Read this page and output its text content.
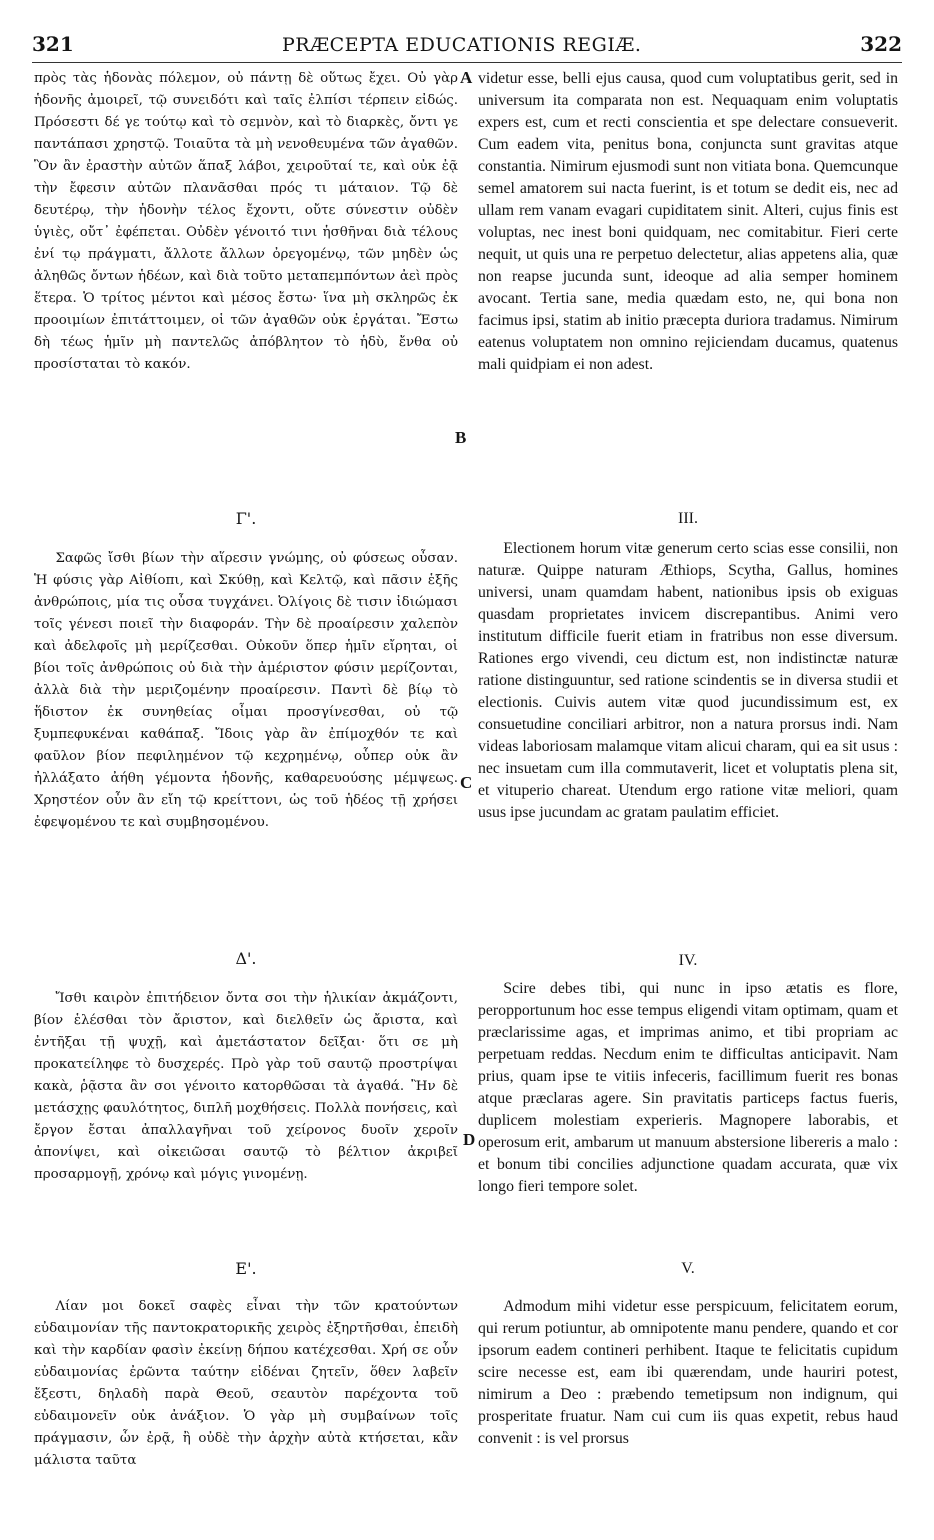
321	PRÆCEPTA EDUCATIONIS REGIÆ.	322

πρὸς τὰς ἡδονὰς πόλεμον, οὐ πάντῃ δὲ οὕτως ἔχει. Οὐ γὰρ ἡδονῆς ἀμοιρεῖ, τῷ συνειδότι καὶ ταῖς ἐλπίσι τέρπειν εἰδώς. Πρόσεστι δέ γε τούτῳ καὶ τὸ σεμνὸν, καὶ τὸ διαρκὲς, ὄντι γε παντάπασι χρηστῷ. Τοιαῦτα τὰ μὴ νενοθευμένα τῶν ἀγαθῶν. Ὃν ἂν ἐραστὴν αὐτῶν ἅπαξ λάβοι, χειροῦταί τε, καὶ οὐκ ἐᾷ τὴν ἔφεσιν αὐτῶν πλανᾶσθαι πρός τι μάταιον. Τῷ δὲ δευτέρῳ, τὴν ἡδονὴν τέλος ἔχοντι, οὔτε σύνεστιν οὐδὲν ὑγιὲς, οὔτ᾽ ἐφέπεται. Οὐδὲν γένοιτό τινι ἡσθῆναι διὰ τέλους ἐνί τῳ πράγματι, ἄλλοτε ἄλλων ὀρεγομένῳ, τῶν μηδὲν ὡς ἀληθῶς ὄντων ἡδέων, καὶ διὰ τοῦτο μεταπεμπόντων ἀεὶ πρὸς ἕτερα. Ὁ τρίτος μέντοι καὶ μέσος ἔστω· ἵνα μὴ σκληρῶς ἐκ προοιμίων ἐπιτάττοιμεν, οἱ τῶν ἀγαθῶν οὐκ ἐργάται. Ἔστω δὴ τέως ἡμῖν μὴ παντελῶς ἀπόβλητον τὸ ἡδὺ, ἔνθα οὐ προσίσταται τὸ κακόν.

Γ'.

Σαφῶς ἴσθι βίων τὴν αἵρεσιν γνώμης, οὐ φύσεως οὖσαν. Ἡ φύσις γὰρ Αἰθίοπι, καὶ Σκύθῃ, καὶ Κελτῷ, καὶ πᾶσιν ἑξῆς ἀνθρώποις, μία τις οὖσα τυγχάνει. Ὀλίγοις δὲ τισιν ἰδιώμασι τοῖς γένεσι ποιεῖ τὴν διαφοράν. Τὴν δὲ προαίρεσιν χαλεπὸν καὶ ἀδελφοῖς μὴ μερίζεσθαι. Οὐκοῦν ὅπερ ἡμῖν εἴρηται, οἱ βίοι τοῖς ἀνθρώποις οὐ διὰ τὴν ἀμέριστον φύσιν μερίζονται, ἀλλὰ διὰ τὴν μεριζομένην προαίρεσιν. Παντὶ δὲ βίῳ τὸ ἥδιστον ἐκ συνηθείας οἶμαι προσγίνεσθαι, οὐ τῷ ξυμπεφυκέναι καθάπαξ. Ἴδοις γὰρ ἂν ἐπίμοχθόν τε καὶ φαῦλον βίον πεφιλημένον τῷ κεχρημένῳ, οὗπερ οὐκ ἂν ἠλλάξατο ἀήθη γέμοντα ἡδονῆς, καθαρευούσης μέμψεως. Χρηστέον οὖν ἂν εἴη τῷ κρείττονι, ὡς τοῦ ἡδέος τῇ χρήσει ἐφεψομένου τε καὶ συμβησομένου.

Δ'.

Ἴσθι καιρὸν ἐπιτήδειον ὄντα σοι τὴν ἡλικίαν ἀκμάζοντι, βίον ἑλέσθαι τὸν ἄριστον, καὶ διελθεῖν ὡς ἄριστα, καὶ ἐντῆξαι τῇ ψυχῇ, καὶ ἀμετάστατον δεῖξαι· ὅτι σε μὴ προκατείληφε τὸ δυσχερές. Πρὸ γὰρ τοῦ σαυτῷ προστρίψαι κακὰ, ῥᾷστα ἂν σοι γένοιτο κατορθῶσαι τὰ ἀγαθά. Ἢν δὲ μετάσχῃς φαυλότητος, διπλῆ μοχθήσεις. Πολλὰ πονήσεις, καὶ ἔργον ἔσται ἀπαλλαγῆναι τοῦ χείρονος δυοῖν χεροῖν ἀπονίψει, καὶ οἰκειῶσαι σαυτῷ τὸ βέλτιον ἀκριβεῖ προσαρμογῇ, χρόνῳ καὶ μόγις γινομένῃ.

Ε'.

Λίαν μοι δοκεῖ σαφὲς εἶναι τὴν τῶν κρατούντων εὐδαιμονίαν τῆς παντοκρατορικῆς χειρὸς ἐξηρτῆσθαι, ἐπειδὴ καὶ τὴν καρδίαν φασὶν ἐκείνῃ δήπου κατέχεσθαι. Χρή σε οὖν εὐδαιμονίας ἐρῶντα ταύτην εἰδέναι ζητεῖν, ὅθεν λαβεῖν ἔξεστι, δηλαδὴ παρὰ Θεοῦ, σεαυτὸν παρέχοντα τοῦ εὐδαιμονεῖν οὐκ ἀνάξιον. Ὁ γὰρ μὴ συμβαίνων τοῖς πράγμασιν, ὧν ἐρᾷ, ἢ οὐδὲ τὴν ἀρχὴν αὐτὰ κτήσεται, κἂν μάλιστα ταῦτα

A
B
C
D

videtur esse, belli ejus causa, quod cum voluptatibus gerit, sed in universum ita comparata non est. Nequaquam enim voluptatis expers est, cum et recti conscientia et spe delectare consueverit. Cum eadem vita, penitus bona, conjuncta sunt gravitas atque constantia. Nimirum ejusmodi sunt non vitiata bona. Quemcunque semel amatorem sui nacta fuerint, is et totum se dedit eis, nec ad ullam rem vanam evagari cupiditatem sinit. Alteri, cujus finis est voluptas, nec inest boni quidquam, nec comitabitur. Fieri certe nequit, ut quis una re perpetuo delectetur, alias appetens alia, quæ non reapse jucunda sunt, ideoque ad alia semper hominem avocant. Tertia sane, media quædam esto, ne, qui bona non facimus ipsi, statim ab initio præcepta duriora tradamus. Nimirum eatenus voluptatem non omnino rejiciendam ducamus, quatenus mali quidpiam ei non adest.

III.

Electionem horum vitæ generum certo scias esse consilii, non naturæ. Quippe naturam Æthiops, Scytha, Gallus, homines universi, unam quamdam habent, nationibus ipsis ob exiguas quasdam proprietates invicem discrepantibus. Animi vero institutum difficile fuerit etiam in fratribus non esse diversum. Rationes ergo vivendi, ceu dictum est, non indistinctæ naturæ ratione distinguuntur, sed ratione scindentis se in diversa studii et electionis. Cuivis autem vitæ quod jucundissimum est, ex consuetudine conciliari arbitror, non a natura prorsus indi. Nam videas laboriosam malamque vitam alicui charam, qui ea sit usus : nec insuetam cum illa commutaverit, licet et voluptatis plena sit, et vituperio chareat. Utendum ergo ratione vitæ meliori, quam usus ipse jucundam ac gratam paulatim efficiet.

IV.

Scire debes tibi, qui nunc in ipso ætatis es flore, peropportunum hoc esse tempus eligendi vitam optimam, quam et præclarissime agas, et imprimas animo, et tibi propriam ac perpetuam reddas. Necdum enim te difficultas anticipavit. Nam prius, quam ipse te vitiis infeceris, facillimum fuerit res bonas atque præclaras agere. Sin pravitatis particeps factus fueris, duplicem molestiam experieris. Magnopere laborabis, et operosum erit, ambarum ut manuum abstersione libereris a malo : et bonum tibi concilies adjunctione quadam accurata, quæ vix longo fieri tempore solet.

V.

Admodum mihi videtur esse perspicuum, felicitatem eorum, qui rerum potiuntur, ab omnipotente manu pendere, quando et cor ipsorum eadem contineri perhibent. Itaque te felicitatis cupidum scire necesse est, eam ibi quærendam, unde hauriri potest, nimirum a Deo : præbendo temetipsum non indignum, qui prosperitate fruatur. Nam cui cum iis quas expetit, rebus haud convenit : is vel prorsus
